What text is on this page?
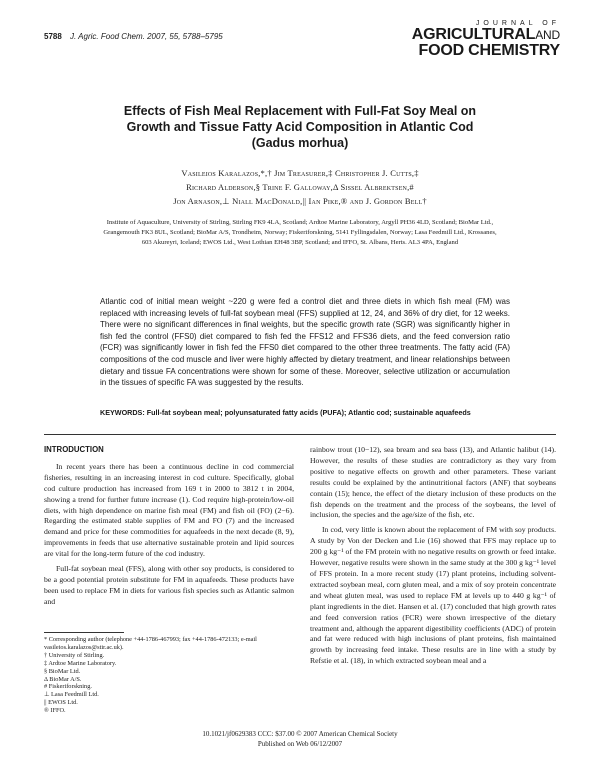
5788 J. Agric. Food Chem. 2007, 55, 5788–5795
JOURNAL OF
AGRICULTURALAND
FOOD CHEMISTRY
Effects of Fish Meal Replacement with Full-Fat Soy Meal on
Growth and Tissue Fatty Acid Composition in Atlantic Cod
(Gadus morhua)
Vasileios Karalazos,*,† Jim Treasurer,‡ Christopher J. Cutts,‡
Richard Alderson,§ Trine F. Galloway,Δ Sissel Albrektsen,#
Jon Arnason,⊥ Niall MacDonald,|| Ian Pike,® and J. Gordon Bell†
Institute of Aquaculture, University of Stirling, Stirling FK9 4LA, Scotland; Ardtoe Marine Laboratory, Argyll PH36 4LD, Scotland; BioMar Ltd., Grangemouth FK3 8UL, Scotland; BioMar A/S, Trondheim, Norway; Fiskeriforskning, 5141 Fyllingsdalen, Norway; Lasa Feedmill Ltd., Krossanes, 603 Akureyri, Iceland; EWOS Ltd., West Lothian EH48 3BP, Scotland; and IFFO, St. Albans, Herts. AL3 4PA, England
Atlantic cod of initial mean weight ~220 g were fed a control diet and three diets in which fish meal (FM) was replaced with increasing levels of full-fat soybean meal (FFS) supplied at 12, 24, and 36% of dry diet, for 12 weeks. There were no significant differences in final weights, but the specific growth rate (SGR) was significantly higher in fish fed the control (FFS0) diet compared to fish fed the FFS12 and FFS36 diets, and the feed conversion ratio (FCR) was significantly lower in fish fed the FFS0 diet compared to the other three treatments. The fatty acid (FA) compositions of the cod muscle and liver were highly affected by dietary treatment, and linear relationships between dietary and tissue FA concentrations were shown for some of these. Moreover, selective utilization or accumulation in the tissues of specific FA was suggested by the results.
KEYWORDS: Full-fat soybean meal; polyunsaturated fatty acids (PUFA); Atlantic cod; sustainable aquafeeds
INTRODUCTION

In recent years there has been a continuous decline in cod commercial fisheries, resulting in an increasing interest in cod culture. Specifically, global cod culture production has increased from 169 t in 2000 to 3812 t in 2004, showing a trend for further future increase (1). Cod require high-protein/low-oil diets, with high dependence on marine fish meal (FM) and fish oil (FO) (2−6). Regarding the estimated stable supplies of FM and FO (7) and the increased demand and price for these commodities for aquafeeds in the next decade (8, 9), improvements in feeds that use alternative sustainable protein and lipid sources are vital for the long-term future of the cod industry.

Full-fat soybean meal (FFS), along with other soy products, is considered to be a good potential protein substitute for FM in aquafeeds. These products have been used to replace FM in diets for various fish species such as Atlantic salmon and

rainbow trout (10−12), sea bream and sea bass (13), and Atlantic halibut (14). However, the results of these studies are contradictory as they vary from positive to negative effects on growth and other parameters. These variant results could be explained by the antinutritional factors (ANF) that soybeans contain (15); hence, the effect of the dietary inclusion of these products on the fish depends on the treatment and the process of the soybeans, the level of inclusion, the species and the age/size of the fish, etc.

In cod, very little is known about the replacement of FM with soy products. A study by Von der Decken and Lie (16) showed that FFS may replace up to 200 g kg⁻¹ of the FM protein with no negative results on growth or feed intake. However, negative results were shown in the same study at the 300 g kg⁻¹ level of FFS protein. In a more recent study (17) plant proteins, including solvent-extracted soybean meal, corn gluten meal, and a mix of soy protein concentrate and wheat gluten meal, was used to replace FM at levels up to 440 g kg⁻¹ of plant ingredients in the diet. Hansen et al. (17) concluded that high growth rates and feed conversion ratios (FCR) were shown irrespective of the dietary treatment and, although the apparent digestibility coefficients (ADC) of protein and fat were reduced with high inclusions of plant proteins, fish maintained growth by increasing feed intake. These results are in line with a study by Refstie et al. (18), in which extracted soybean meal and a

* Corresponding author (telephone +44-1786-467993; fax +44-1786-472133; e-mail vasileios.karalazos@stir.ac.uk).
† University of Stirling.
‡ Ardtoe Marine Laboratory.
§ BioMar Ltd.
Δ BioMar A/S.
# Fiskeriforskning.
⊥ Lasa Feedmill Ltd.
|| EWOS Ltd.
® IFFO.
10.1021/jf0629383 CCC: $37.00 © 2007 American Chemical Society
Published on Web 06/12/2007
